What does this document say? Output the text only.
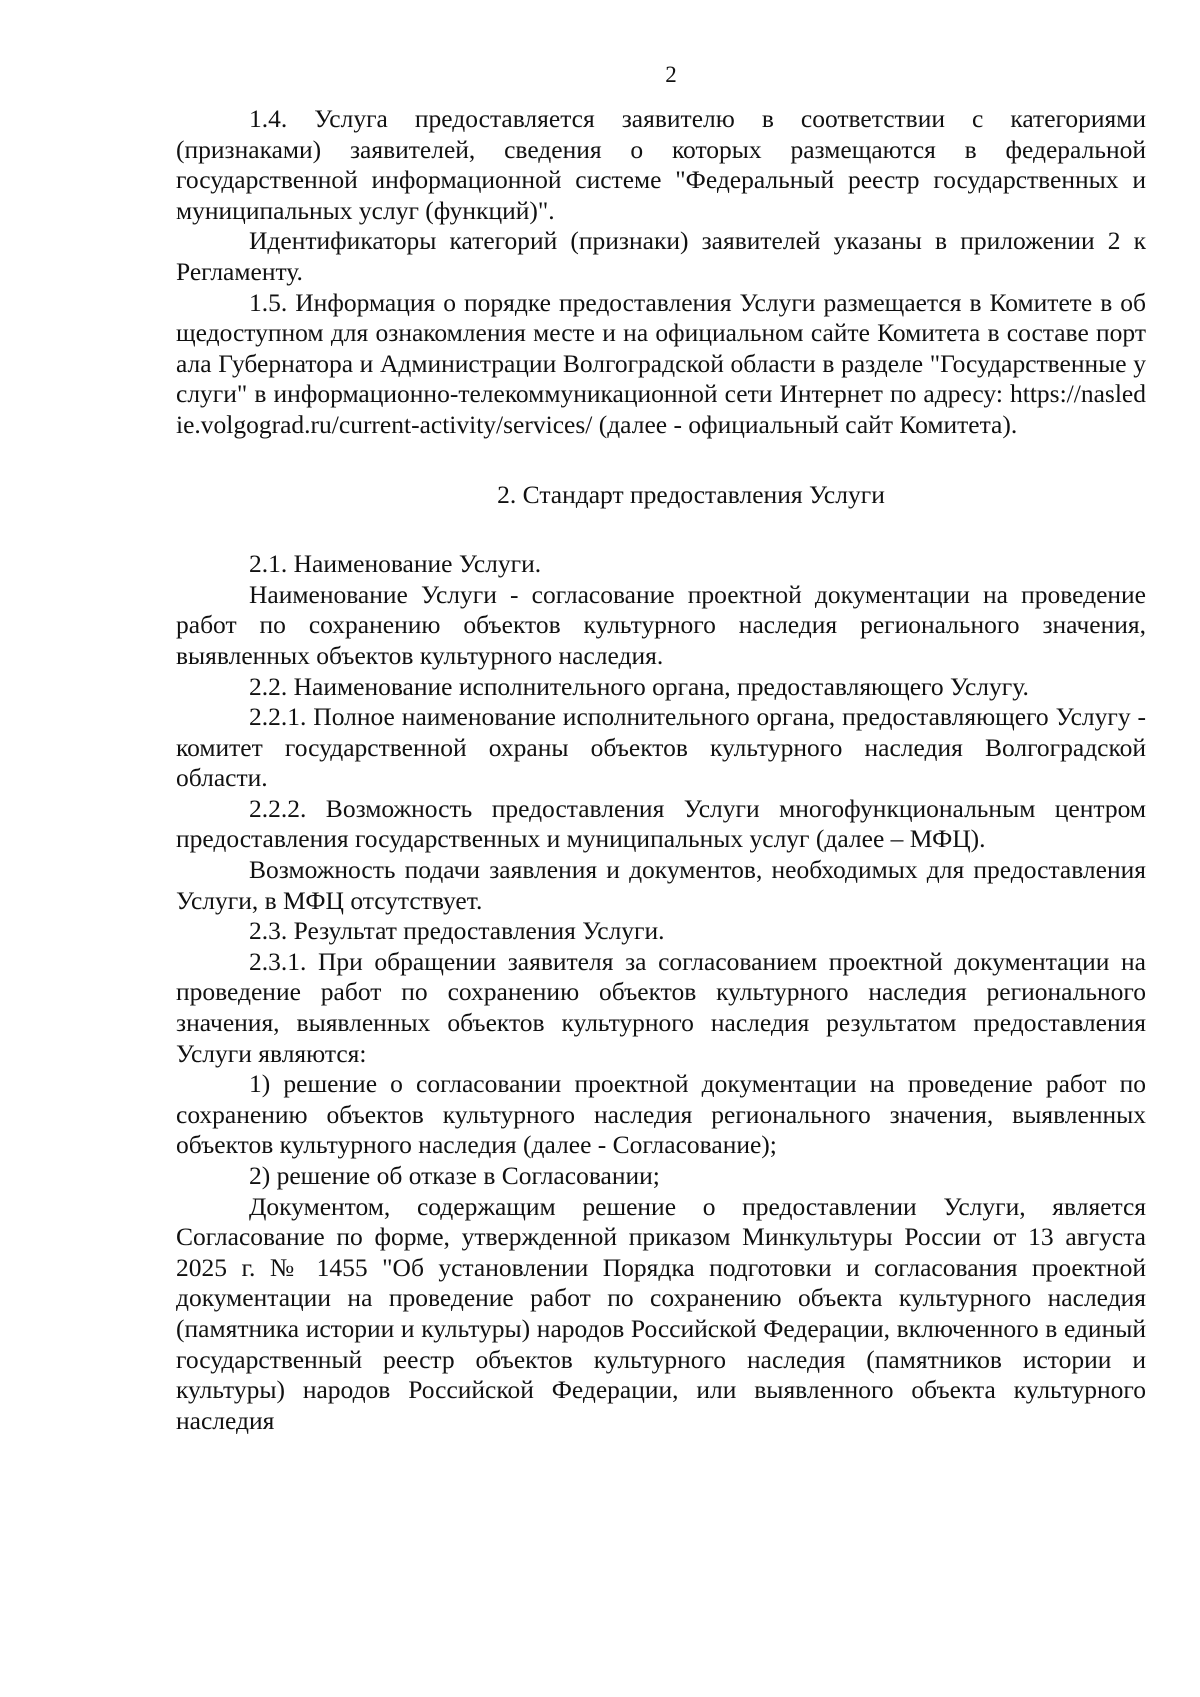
2

1.4. Услуга предоставляется заявителю в соответствии с категориями (признаками) заявителей, сведения о которых размещаются в федеральной государственной информационной системе "Федеральный реестр государственных и муниципальных услуг (функций)".

Идентификаторы категорий (признаки) заявителей указаны в приложении 2 к Регламенту.

1.5. Информация о порядке предоставления Услуги размещается в Комитете в общедоступном для ознакомления месте и на официальном сайте Комитета в составе портала Губернатора и Администрации Волгоградской области в разделе "Государственные услуги" в информационно-телекоммуникационной сети Интернет по адресу: https://nasledie.volgograd.ru/current-activity/services/ (далее - официальный сайт Комитета).

2. Стандарт предоставления Услуги

2.1. Наименование Услуги.

Наименование Услуги - согласование проектной документации на проведение работ по сохранению объектов культурного наследия регионального значения, выявленных объектов культурного наследия.

2.2. Наименование исполнительного органа, предоставляющего Услугу.

2.2.1. Полное наименование исполнительного органа, предоставляющего Услугу - комитет государственной охраны объектов культурного наследия Волгоградской области.

2.2.2. Возможность предоставления Услуги многофункциональным центром предоставления государственных и муниципальных услуг (далее – МФЦ).

Возможность подачи заявления и документов, необходимых для предоставления Услуги, в МФЦ отсутствует.

2.3. Результат предоставления Услуги.

2.3.1. При обращении заявителя за согласованием проектной документации на проведение работ по сохранению объектов культурного наследия регионального значения, выявленных объектов культурного наследия результатом предоставления Услуги являются:

1) решение о согласовании проектной документации на проведение работ по сохранению объектов культурного наследия регионального значения, выявленных объектов культурного наследия (далее - Согласование);

2) решение об отказе в Согласовании;

Документом, содержащим решение о предоставлении Услуги, является Согласование по форме, утвержденной приказом Минкультуры России от 13 августа 2025 г. № 1455 "Об установлении Порядка подготовки и согласования проектной документации на проведение работ по сохранению объекта культурного наследия (памятника истории и культуры) народов Российской Федерации, включенного в единый государственный реестр объектов культурного наследия (памятников истории и культуры) народов Российской Федерации, или выявленного объекта культурного наследия
